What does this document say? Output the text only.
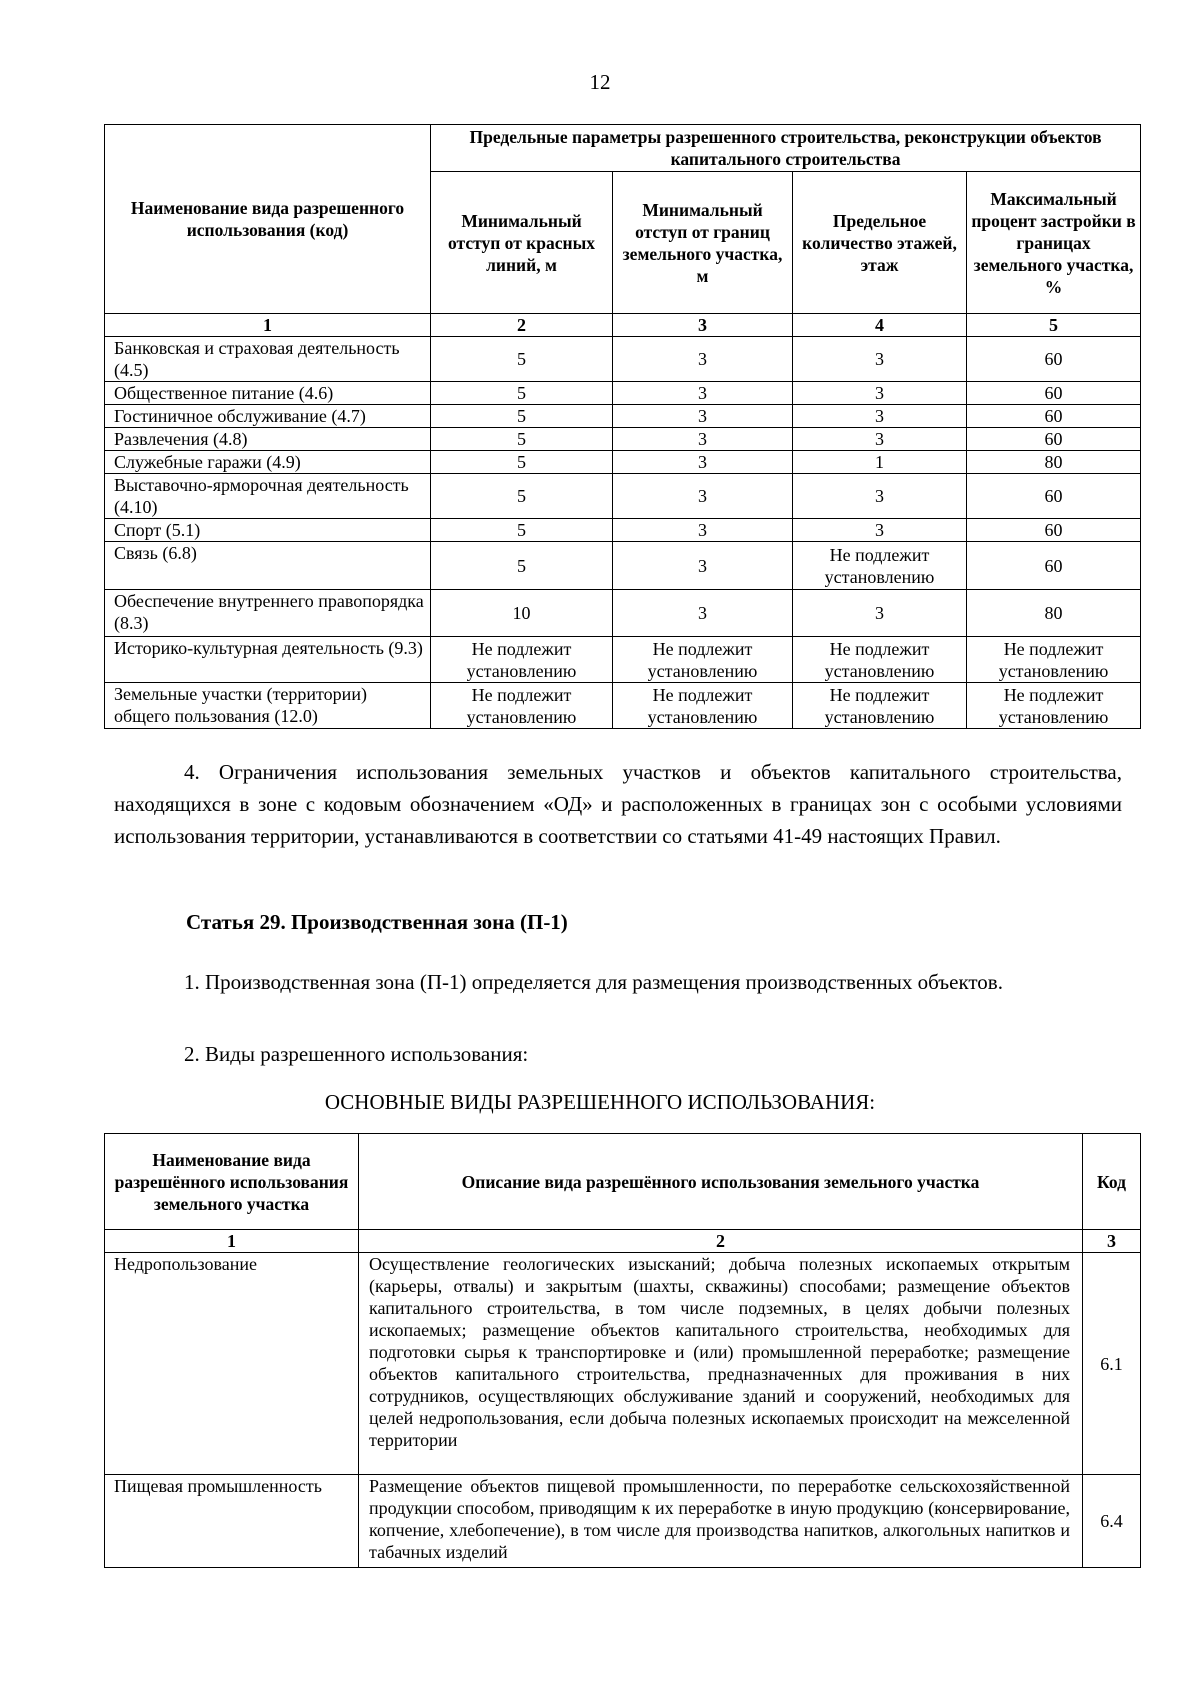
12
Наименование вида разрешенного использования (код)	Предельные параметры разрешенного строительства, реконструкции объектов капитального строительства			
	Минимальный отступ от красных линий, м	Минимальный отступ от границ земельного участка, м	Предельное количество этажей, этаж	Максимальный процент застройки в границах земельного участка, %
1	2	3	4	5
Банковская и страховая деятельность (4.5)	5	3	3	60
Общественное питание (4.6)	5	3	3	60
Гостиничное обслуживание (4.7)	5	3	3	60
Развлечения (4.8)	5	3	3	60
Служебные гаражи (4.9)	5	3	1	80
Выставочно-ярморочная деятельность (4.10)	5	3	3	60
Спорт (5.1)	5	3	3	60
Связь (6.8)	5	3	Не подлежит установлению	60
Обеспечение внутреннего правопорядка (8.3)	10	3	3	80
Историко-культурная деятельность (9.3)	Не подлежит установлению	Не подлежит установлению	Не подлежит установлению	Не подлежит установлению
Земельные участки (территории) общего пользования (12.0)	Не подлежит установлению	Не подлежит установлению	Не подлежит установлению	Не подлежит установлению

4. Ограничения использования земельных участков и объектов капитального строительства, находящихся в зоне с кодовым обозначением «ОД» и расположенных в границах зон с особыми условиями использования территории, устанавливаются в соответствии со статьями 41-49 настоящих Правил.

Статья 29. Производственная зона (П-1)

1. Производственная зона (П-1) определяется для размещения производственных объектов.

2. Виды разрешенного использования:

ОСНОВНЫЕ ВИДЫ РАЗРЕШЕННОГО ИСПОЛЬЗОВАНИЯ:

Наименование вида разрешённого использования земельного участка	Описание вида разрешённого использования земельного участка	Код
1	2	3
Недропользование	Осуществление геологических изысканий; добыча полезных ископаемых открытым (карьеры, отвалы) и закрытым (шахты, скважины) способами; размещение объектов капитального строительства, в том числе подземных, в целях добычи полезных ископаемых; размещение объектов капитального строительства, необходимых для подготовки сырья к транспортировке и (или) промышленной переработке; размещение объектов капитального строительства, предназначенных для проживания в них сотрудников, осуществляющих обслуживание зданий и сооружений, необходимых для целей недропользования, если добыча полезных ископаемых происходит на межселенной территории	6.1
Пищевая промышленность	Размещение объектов пищевой промышленности, по переработке сельскохозяйственной продукции способом, приводящим к их переработке в иную продукцию (консервирование, копчение, хлебопечение), в том числе для производства напитков, алкогольных напитков и табачных изделий	6.4
